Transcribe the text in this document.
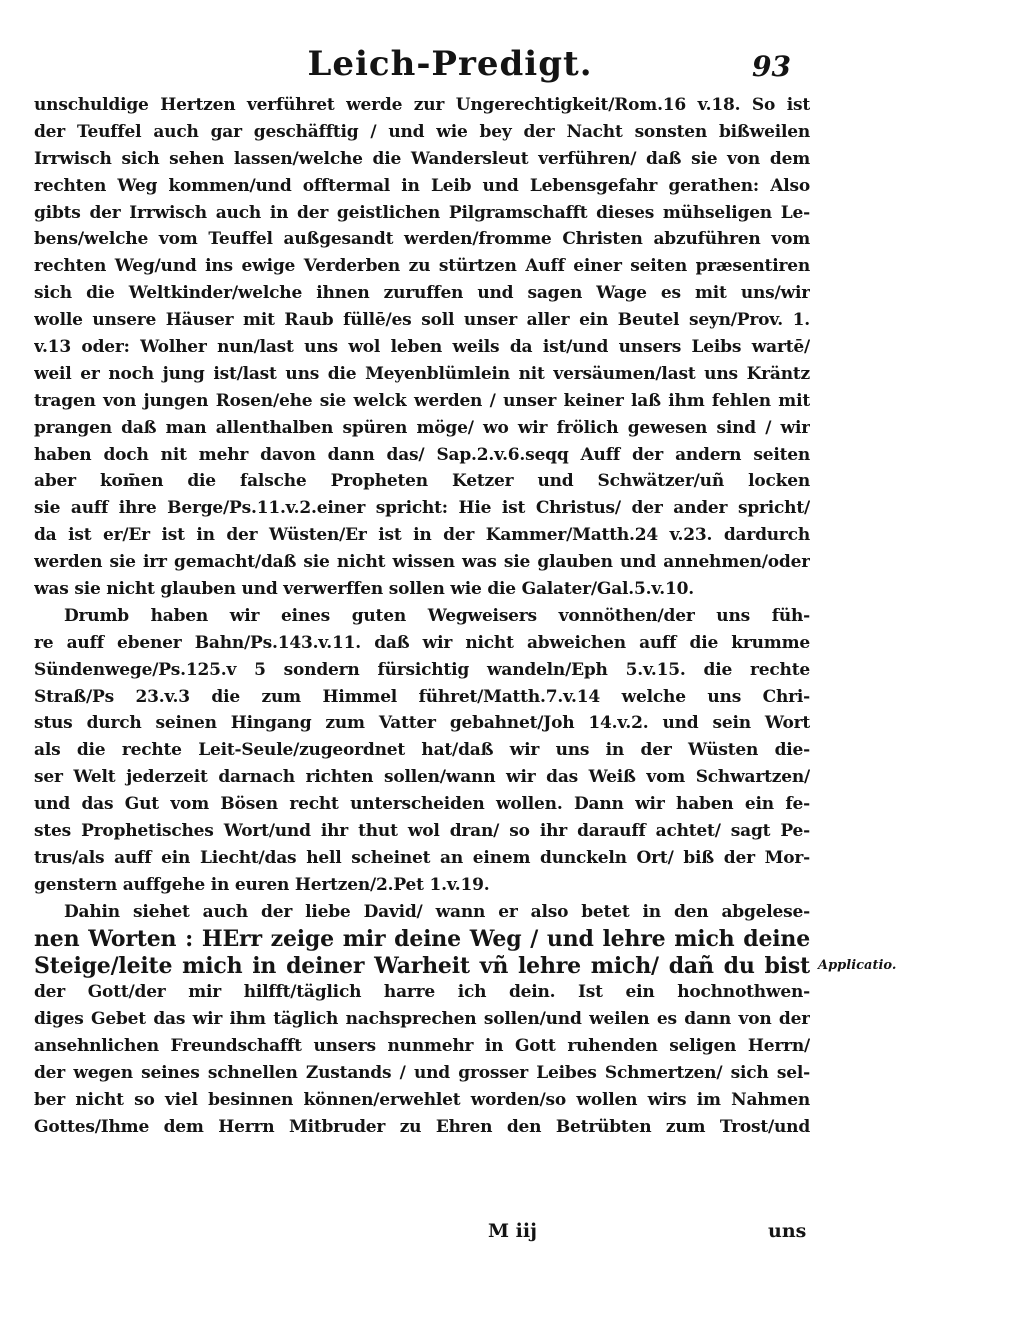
Leich-Predigt.	93
unschuldige Hertzen verführet werde zur Ungerechtigkeit/Rom.16 v.18. So ist
der Teuffel auch gar geschäfftig / und wie bey der Nacht sonsten bißweilen
Irrwisch sich sehen lassen/welche die Wandersleut verführen/ daß sie von dem
rechten Weg kommen/und offtermal in Leib und Lebensgefahr gerathen: Also
gibts der Irrwisch auch in der geistlichen Pilgramschafft dieses mühseligen Le-
bens/welche vom Teuffel außgesandt werden/fromme Christen abzuführen vom
rechten Weg/und ins ewige Verderben zu stürtzen Auff einer seiten præsentiren
sich die Weltkinder/welche ihnen zuruffen und sagen Wage es mit uns/wir
wolle unsere Häuser mit Raub füllē/es soll unser aller ein Beutel seyn/Prov. 1.
v.13 oder: Wolher nun/last uns wol leben weils da ist/und unsers Leibs wartē/
weil er noch jung ist/last uns die Meyenblümlein nit versäumen/last uns Kräntz
tragen von jungen Rosen/ehe sie welck werden / unser keiner laß ihm fehlen mit
prangen daß man allenthalben spüren möge/ wo wir frölich gewesen sind / wir
haben doch nit mehr davon dann das/ Sap.2.v.6.seqq Auff der andern seiten
aber kom̄en die falsche Propheten Ketzer und Schwätzer/uñ locken
sie auff ihre Berge/Ps.11.v.2.einer spricht: Hie ist Christus/ der ander spricht/
da ist er/Er ist in der Wüsten/Er ist in der Kammer/Matth.24 v.23. dardurch
werden sie irr gemacht/daß sie nicht wissen was sie glauben und annehmen/oder
was sie nicht glauben und verwerffen sollen wie die Galater/Gal.5.v.10.
Drumb haben wir eines guten Wegweisers vonnöthen/der uns füh-
re auff ebener Bahn/Ps.143.v.11. daß wir nicht abweichen auff die krumme
Sündenwege/Ps.125.v 5 sondern fürsichtig wandeln/Eph 5.v.15. die rechte
Straß/Ps 23.v.3 die zum Himmel führet/Matth.7.v.14 welche uns Chri-
stus durch seinen Hingang zum Vatter gebahnet/Joh 14.v.2. und sein Wort
als die rechte Leit-Seule/zugeordnet hat/daß wir uns in der Wüsten die-
ser Welt jederzeit darnach richten sollen/wann wir das Weiß vom Schwartzen/
und das Gut vom Bösen recht unterscheiden wollen. Dann wir haben ein fe-
stes Prophetisches Wort/und ihr thut wol dran/ so ihr darauff achtet/ sagt Pe-
trus/als auff ein Liecht/das hell scheinet an einem dunckeln Ort/ biß der Mor-
genstern auffgehe in euren Hertzen/2.Pet 1.v.19.
Dahin siehet auch der liebe David/ wann er also betet in den abgelese-
nen Worten : HErr zeige mir deine Weg / und lehre mich deine
Steige/leite mich in deiner Warheit vñ lehre mich/ dañ du bist
der Gott/der mir hilfft/täglich harre ich dein. Ist ein hochnothwen-
diges Gebet das wir ihm täglich nachsprechen sollen/und weilen es dann von der
ansehnlichen Freundschafft unsers nunmehr in Gott ruhenden seligen Herrn/
der wegen seines schnellen Zustands / und grosser Leibes Schmertzen/ sich sel-
ber nicht so viel besinnen können/erwehlet worden/so wollen wirs im Nahmen
Gottes/Ihme dem Herrn Mitbruder zu Ehren den Betrübten zum Trost/und
Applicatio.
M iij	uns
